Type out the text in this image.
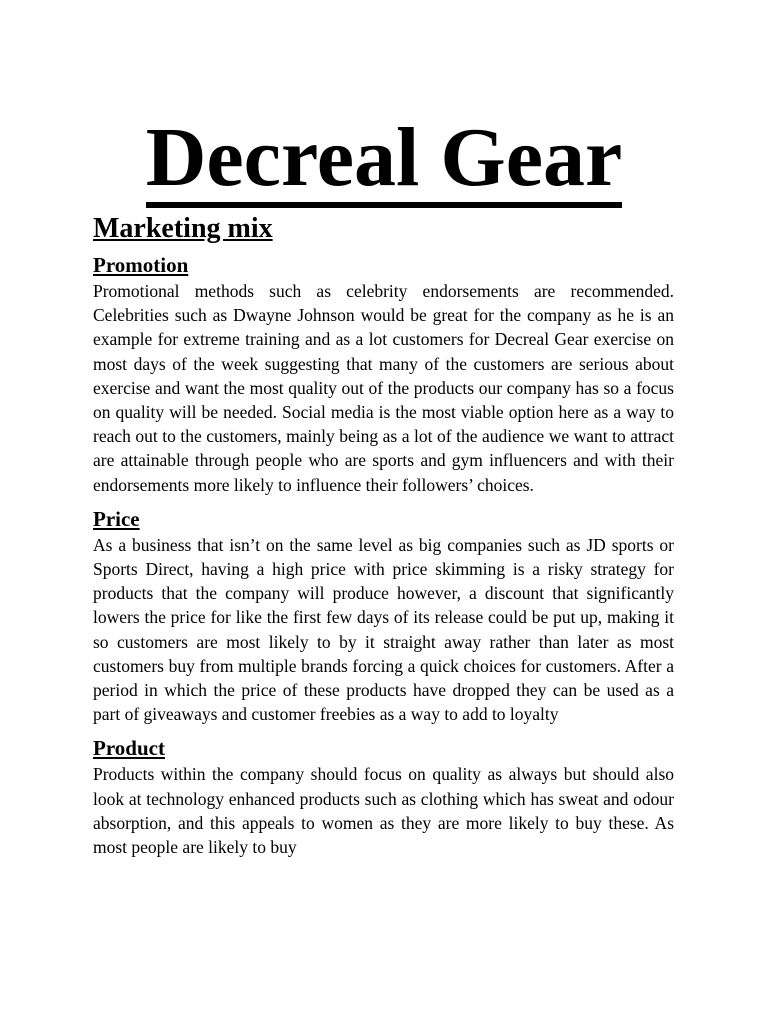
Decreal Gear
Marketing mix
Promotion

Promotional methods such as celebrity endorsements are recommended. Celebrities such as Dwayne Johnson would be great for the company as he is an example for extreme training and as a lot customers for Decreal Gear exercise on most days of the week suggesting that many of the customers are serious about exercise and want the most quality out of the products our company has so a focus on quality will be needed. Social media is the most viable option here as a way to reach out to the customers, mainly being as a lot of the audience we want to attract are attainable through people who are sports and gym influencers and with their endorsements more likely to influence their followers’ choices.

Price

As a business that isn’t on the same level as big companies such as JD sports or Sports Direct, having a high price with price skimming is a risky strategy for products that the company will produce however, a discount that significantly lowers the price for like the first few days of its release could be put up, making it so customers are most likely to by it straight away rather than later as most customers buy from multiple brands forcing a quick choices for customers. After a period in which the price of these products have dropped they can be used as a part of giveaways and customer freebies as a way to add to loyalty

Product

Products within the company should focus on quality as always but should also look at technology enhanced products such as clothing which has sweat and odour absorption, and this appeals to women as they are more likely to buy these. As most people are likely to buy
